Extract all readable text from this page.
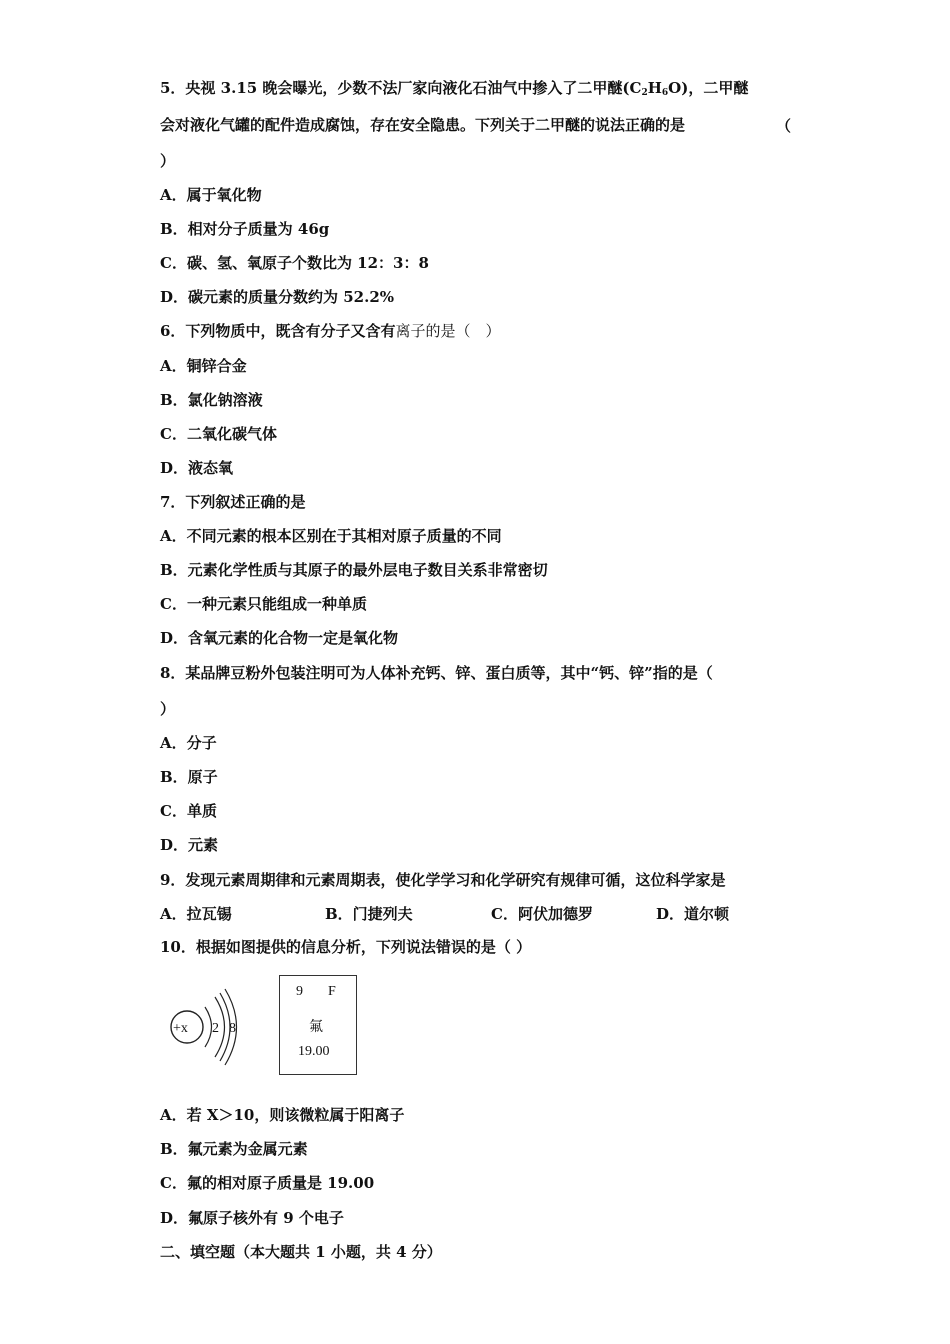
5．央视 3.15 晚会曝光，少数不法厂家向液化石油气中掺入了二甲醚$(C_2H_6O)$，二甲醚
会对液化气罐的配件造成腐蚀，存在安全隐患。下列关于二甲醚的说法正确的是	（
）
A．属于氧化物
B．相对分子质量为 46g
C．碳、氢、氧原子个数比为 12：3：8
D．碳元素的质量分数约为 52.2%
6．下列物质中，既含有分子又含有离子的是（　）
A．铜锌合金
B．氯化钠溶液
C．二氧化碳气体
D．液态氧
7．下列叙述正确的是
A．不同元素的根本区别在于其相对原子质量的不同
B．元素化学性质与其原子的最外层电子数目关系非常密切
C．一种元素只能组成一种单质
D．含氧元素的化合物一定是氧化物
8．某品牌豆粉外包装注明可为人体补充钙、锌、蛋白质等，其中“钙、锌”指的是（
）
A．分子
B．原子
C．单质
D．元素
9．发现元素周期律和元素周期表，使化学学习和化学研究有规律可循，这位科学家是
A．拉瓦锡	B．门捷列夫	C．阿伏加德罗	D．道尔顿
10．根据如图提供的信息分析，下列说法错误的是（ ）
+x 2 8
9 F
氟
19.00
A．若 X＞10，则该微粒属于阳离子
B．氟元素为金属元素
C．氟的相对原子质量是 19.00
D．氟原子核外有 9 个电子
二、填空题（本大题共 1 小题，共 4 分）
